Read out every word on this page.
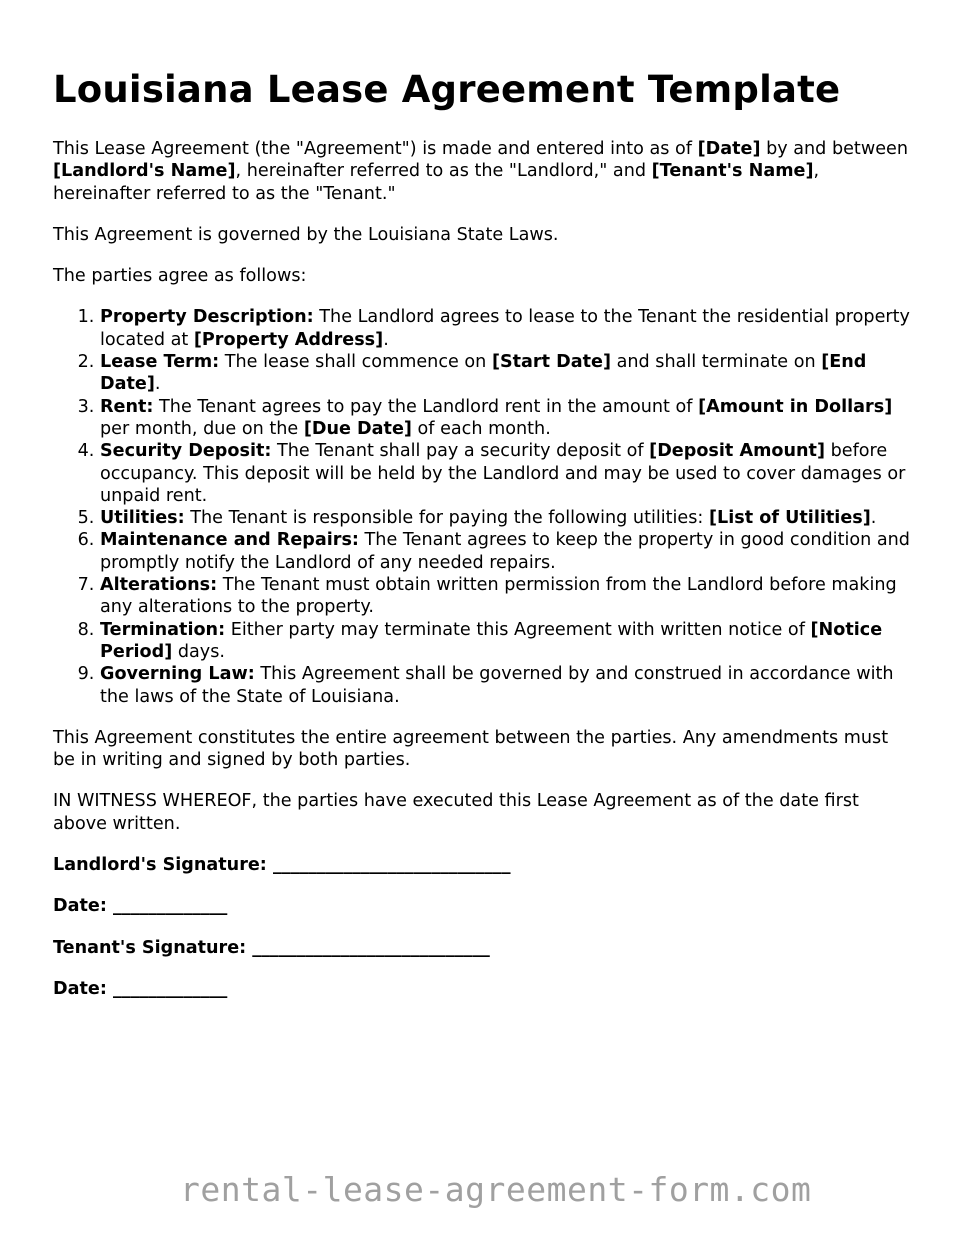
Louisiana Lease Agreement Template

This Lease Agreement (the "Agreement") is made and entered into as of [Date] by and between [Landlord's Name], hereinafter referred to as the "Landlord," and [Tenant's Name], hereinafter referred to as the "Tenant."

This Agreement is governed by the Louisiana State Laws.

The parties agree as follows:

1. Property Description: The Landlord agrees to lease to the Tenant the residential property located at [Property Address].
2. Lease Term: The lease shall commence on [Start Date] and shall terminate on [End Date].
3. Rent: The Tenant agrees to pay the Landlord rent in the amount of [Amount in Dollars] per month, due on the [Due Date] of each month.
4. Security Deposit: The Tenant shall pay a security deposit of [Deposit Amount] before occupancy. This deposit will be held by the Landlord and may be used to cover damages or unpaid rent.
5. Utilities: The Tenant is responsible for paying the following utilities: [List of Utilities].
6. Maintenance and Repairs: The Tenant agrees to keep the property in good condition and promptly notify the Landlord of any needed repairs.
7. Alterations: The Tenant must obtain written permission from the Landlord before making any alterations to the property.
8. Termination: Either party may terminate this Agreement with written notice of [Notice Period] days.
9. Governing Law: This Agreement shall be governed by and construed in accordance with the laws of the State of Louisiana.

This Agreement constitutes the entire agreement between the parties. Any amendments must be in writing and signed by both parties.

IN WITNESS WHEREOF, the parties have executed this Lease Agreement as of the date first above written.

Landlord's Signature: ___________________________

Date: _____________

Tenant's Signature: ___________________________

Date: _____________

rental-lease-agreement-form.com
